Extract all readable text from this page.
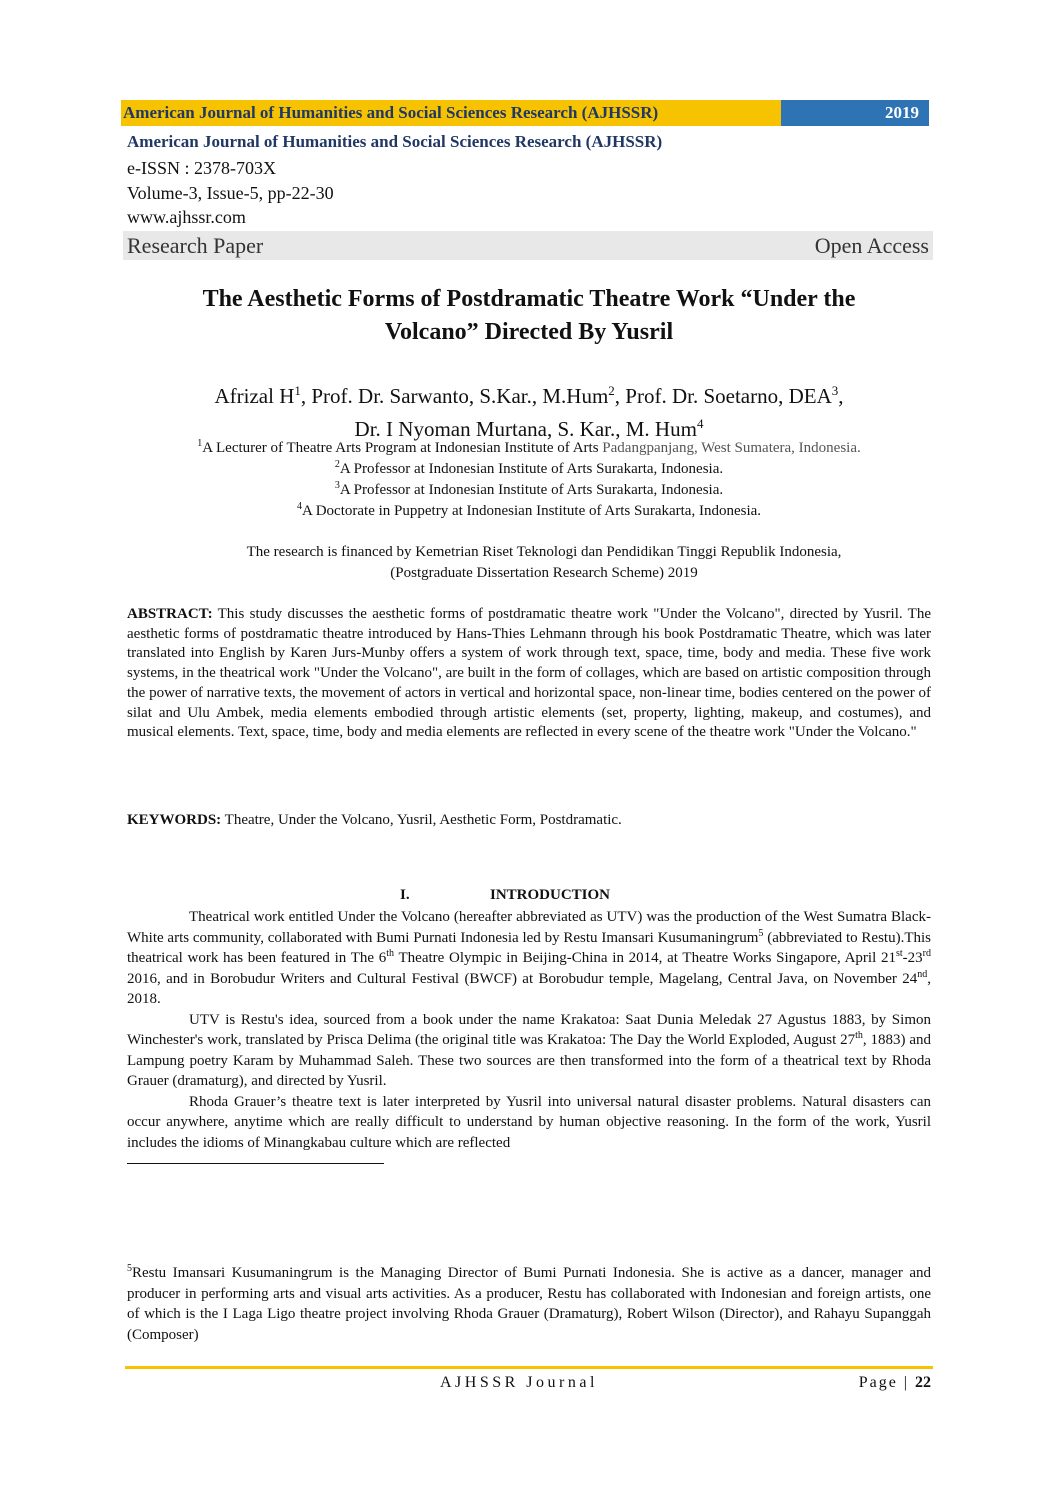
American Journal of Humanities and Social Sciences Research (AJHSSR)	2019
American Journal of Humanities and Social Sciences Research (AJHSSR)
e-ISSN : 2378-703X
Volume-3, Issue-5, pp-22-30
www.ajhssr.com
Research Paper	Open Access
The Aesthetic Forms of Postdramatic Theatre Work “Under the
Volcano” Directed By Yusril
Afrizal $H^1$, Prof. Dr. Sarwanto, S.Kar., M.Hum$^2$, Prof. Dr. Soetarno, DEA$^3$,
Dr. I Nyoman Murtana, S. Kar., M. Hum$^4$
$^1$A Lecturer of Theatre Arts Program at Indonesian Institute of Arts Padangpanjang, West Sumatera, Indonesia.
$^2$A Professor at Indonesian Institute of Arts Surakarta, Indonesia.
$^3$A Professor at Indonesian Institute of Arts Surakarta, Indonesia.
$^4$A Doctorate in Puppetry at Indonesian Institute of Arts Surakarta, Indonesia.
The research is financed by Kemetrian Riset Teknologi dan Pendidikan Tinggi Republik Indonesia,
(Postgraduate Dissertation Research Scheme) 2019
ABSTRACT: This study discusses the aesthetic forms of postdramatic theatre work "Under the Volcano", directed by Yusril. The aesthetic forms of postdramatic theatre introduced by Hans-Thies Lehmann through his book Postdramatic Theatre, which was later translated into English by Karen Jurs-Munby offers a system of work through text, space, time, body and media. These five work systems, in the theatrical work "Under the Volcano", are built in the form of collages, which are based on artistic composition through the power of narrative texts, the movement of actors in vertical and horizontal space, non-linear time, bodies centered on the power of silat and Ulu Ambek, media elements embodied through artistic elements (set, property, lighting, makeup, and costumes), and musical elements. Text, space, time, body and media elements are reflected in every scene of the theatre work "Under the Volcano."
KEYWORDS: Theatre, Under the Volcano, Yusril, Aesthetic Form, Postdramatic.
I.	INTRODUCTION

Theatrical work entitled Under the Volcano (hereafter abbreviated as UTV) was the production of the West Sumatra Black-White arts community, collaborated with Bumi Purnati Indonesia led by Restu Imansari Kusumaningrum$^5$ (abbreviated to Restu).This theatrical work has been featured in The 6th Theatre Olympic in Beijing-China in 2014, at Theatre Works Singapore, April 21st-23rd 2016, and in Borobudur Writers and Cultural Festival (BWCF) at Borobudur temple, Magelang, Central Java, on November 24nd, 2018.

UTV is Restu's idea, sourced from a book under the name Krakatoa: Saat Dunia Meledak 27 Agustus 1883, by Simon Winchester's work, translated by Prisca Delima (the original title was Krakatoa: The Day the World Exploded, August 27th, 1883) and Lampung poetry Karam by Muhammad Saleh. These two sources are then transformed into the form of a theatrical text by Rhoda Grauer (dramaturg), and directed by Yusril.

Rhoda Grauer’s theatre text is later interpreted by Yusril into universal natural disaster problems. Natural disasters can occur anywhere, anytime which are really difficult to understand by human objective reasoning. In the form of the work, Yusril includes the idioms of Minangkabau culture which are reflected

$^5$Restu Imansari Kusumaningrum is the Managing Director of Bumi Purnati Indonesia. She is active as a dancer, manager and producer in performing arts and visual arts activities. As a producer, Restu has collaborated with Indonesian and foreign artists, one of which is the I Laga Ligo theatre project involving Rhoda Grauer (Dramaturg), Robert Wilson (Director), and Rahayu Supanggah (Composer)
AJHSSR Journal	Page | 22
